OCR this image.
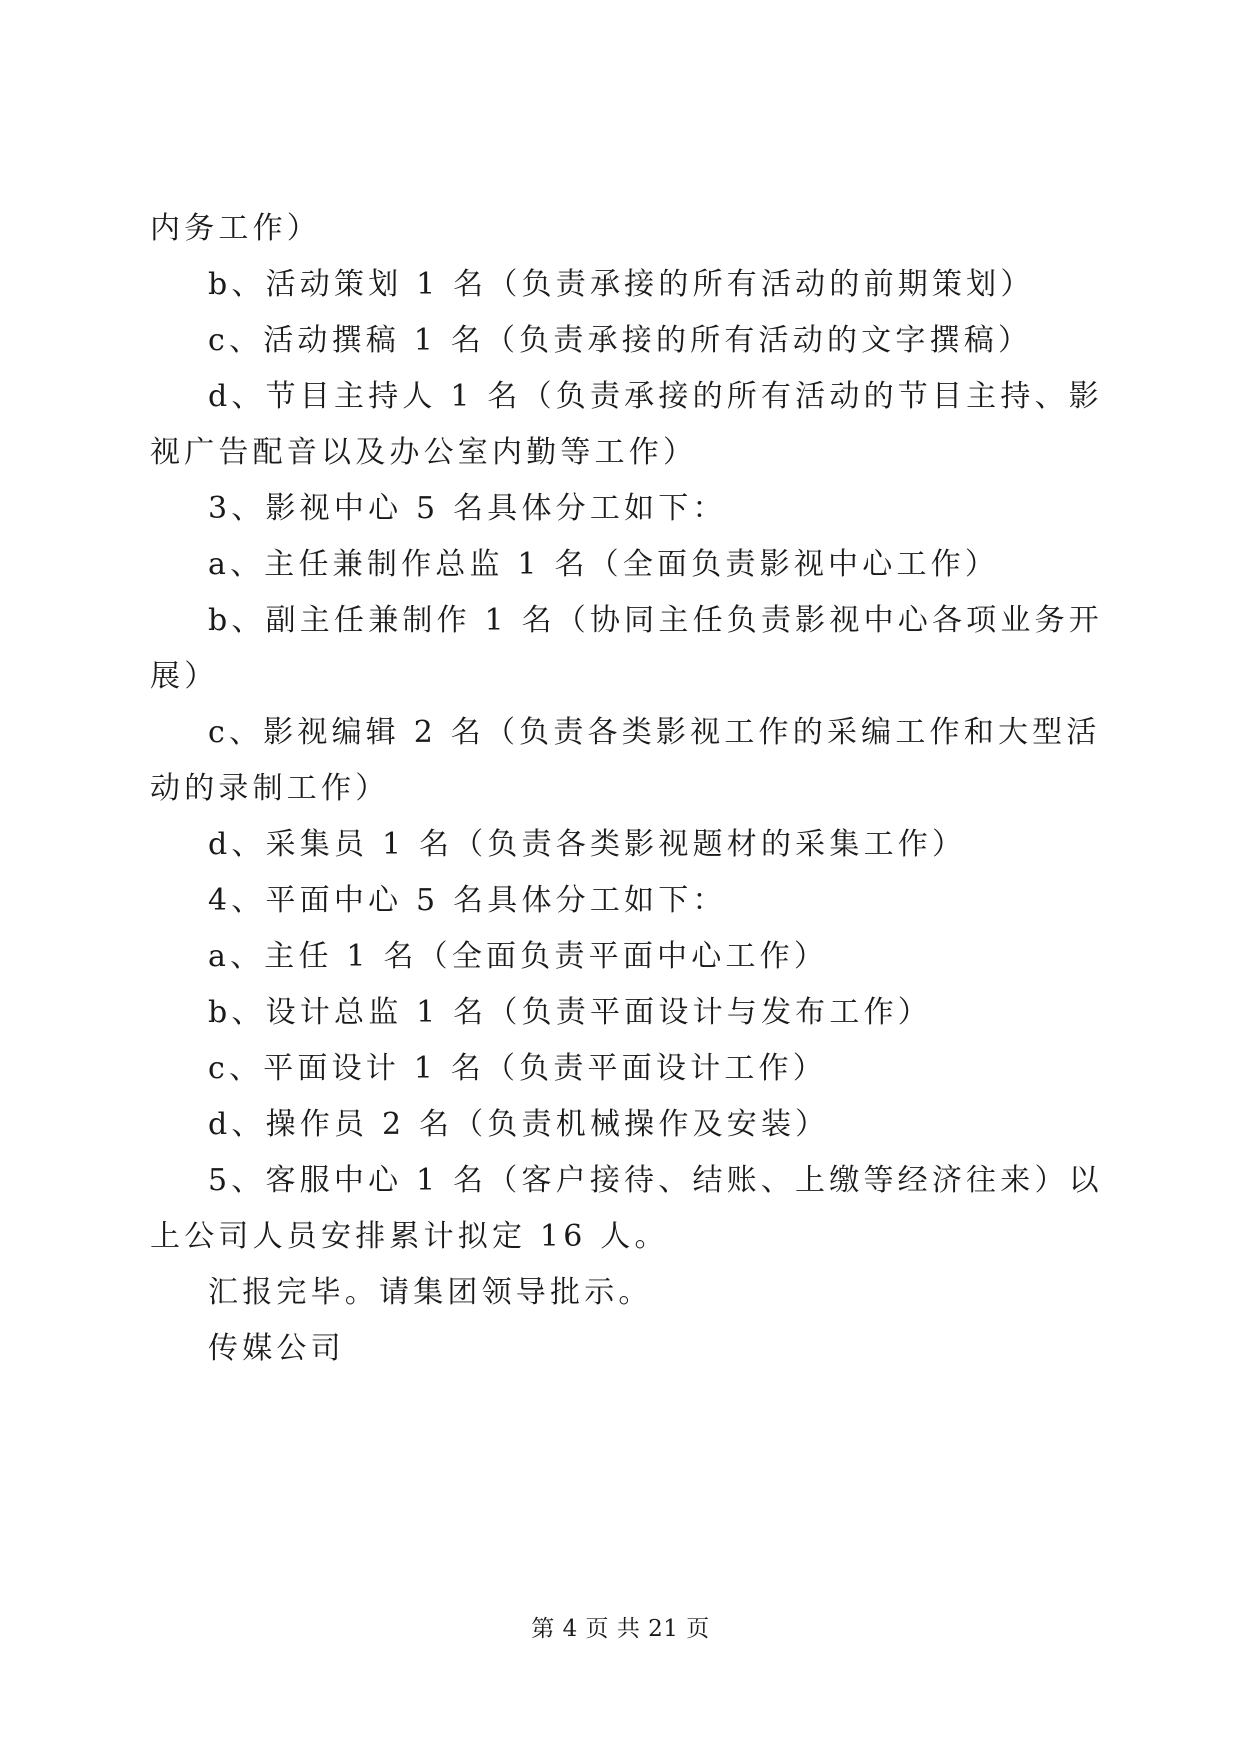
内务工作）
b、活动策划 1 名（负责承接的所有活动的前期策划）
c、活动撰稿 1 名（负责承接的所有活动的文字撰稿）
d、节目主持人 1 名（负责承接的所有活动的节目主持、影
视广告配音以及办公室内勤等工作）
3、影视中心 5 名具体分工如下：
a、主任兼制作总监 1 名（全面负责影视中心工作）
b、副主任兼制作 1 名（协同主任负责影视中心各项业务开
展）
c、影视编辑 2 名（负责各类影视工作的采编工作和大型活
动的录制工作）
d、采集员 1 名（负责各类影视题材的采集工作）
4、平面中心 5 名具体分工如下：
a、主任 1 名（全面负责平面中心工作）
b、设计总监 1 名（负责平面设计与发布工作）
c、平面设计 1 名（负责平面设计工作）
d、操作员 2 名（负责机械操作及安装）
5、客服中心 1 名（客户接待、结账、上缴等经济往来）以
上公司人员安排累计拟定 16 人。
汇报完毕。请集团领导批示。
传媒公司
第 4 页 共 21 页
